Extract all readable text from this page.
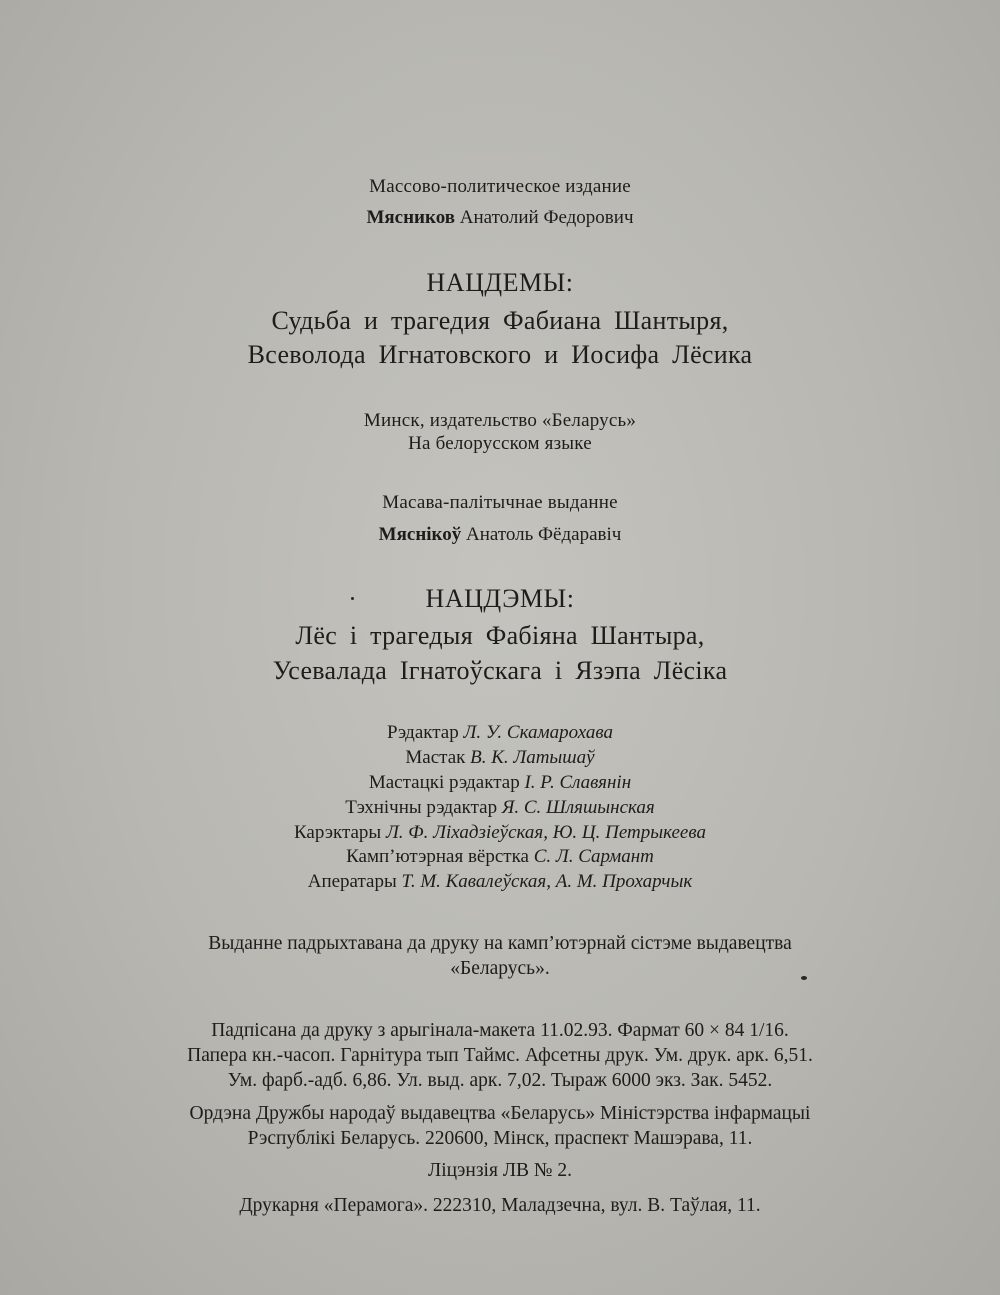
Массово-политическое издание
Мясников Анатолий Федорович
НАЦДЕМЫ:
Судьба и трагедия Фабиана Шантыря,
Всеволода Игнатовского и Иосифа Лёсика
Минск, издательство «Беларусь»
На белорусском языке
Масава-палітычнае выданне
Мяснікоў Анатоль Фёдаравіч
НАЦДЭМЫ:
Лёс і трагедыя Фабіяна Шантыра,
Усевалада Ігнатоўскага і Язэпа Лёсіка
Рэдактар Л. У. Скамарохава
Мастак В. К. Латышаў
Мастацкі рэдактар І. Р. Славянін
Тэхнічны рэдактар Я. С. Шляшынская
Карэктары Л. Ф. Ліхадзіеўская, Ю. Ц. Петрыкеева
Камп’ютэрная вёрстка С. Л. Сармант
Аператары Т. М. Кавалеўская, А. М. Прохарчык
Выданне падрыхтавана да друку на камп’ютэрнай сістэме выдавецтва
«Беларусь».
Падпісана да друку з арыгінала-макета 11.02.93. Фармат 60 × 84 1/16.
Папера кн.-часоп. Гарнітура тып Таймс. Афсетны друк. Ум. друк. арк. 6,51.
Ум. фарб.-адб. 6,86. Ул. выд. арк. 7,02. Тыраж 6000 экз. Зак. 5452.
Ордэна Дружбы народаў выдавецтва «Беларусь» Міністэрства інфармацыі
Рэспублікі Беларусь. 220600, Мінск, праспект Машэрава, 11.
Ліцэнзія ЛВ № 2.
Друкарня «Перамога». 222310, Маладзечна, вул. В. Таўлая, 11.
